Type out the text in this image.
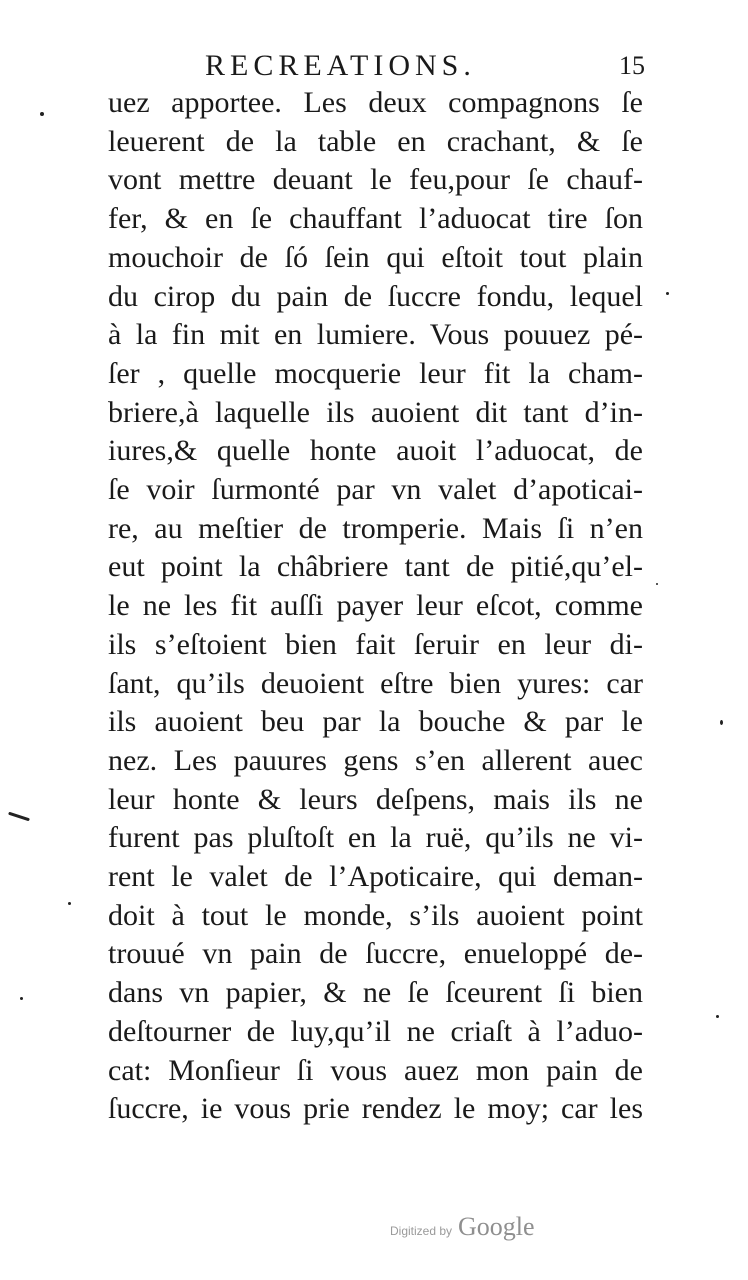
RECREATIONS.	15
uez apportee. Les deux compagnons ſe
leuerent de la table en crachant, & ſe
vont mettre deuant le feu,pour ſe chauf-
fer, & en ſe chauffant l’aduocat tire ſon
mouchoir de ſó ſein qui eſtoit tout plain
du cirop du pain de ſuccre fondu, lequel
à la fin mit en lumiere. Vous pouuez pé-
ſer , quelle mocquerie leur fit la cham-
briere,à laquelle ils auoient dit tant d’in-
iures,& quelle honte auoit l’aduocat, de
ſe voir ſurmonté par vn valet d’apoticai-
re, au meſtier de tromperie. Mais ſi n’en
eut point la châbriere tant de pitié,qu’el-
le ne les fit auſſi payer leur eſcot, comme
ils s’eſtoient bien fait ſeruir en leur di-
ſant, qu’ils deuoient eſtre bien yures: car
ils auoient beu par la bouche & par le
nez. Les pauures gens s’en allerent auec
leur honte & leurs deſpens, mais ils ne
furent pas pluſtoſt en la ruë, qu’ils ne vi-
rent le valet de l’Apoticaire, qui deman-
doit à tout le monde, s’ils auoient point
trouué vn pain de ſuccre, enueloppé de-
dans vn papier, & ne ſe ſceurent ſi bien
deſtourner de luy,qu’il ne criaſt à l’aduo-
cat: Monſieur ſi vous auez mon pain de
ſuccre, ie vous prie rendez le moy; car les
Digitized by Google
